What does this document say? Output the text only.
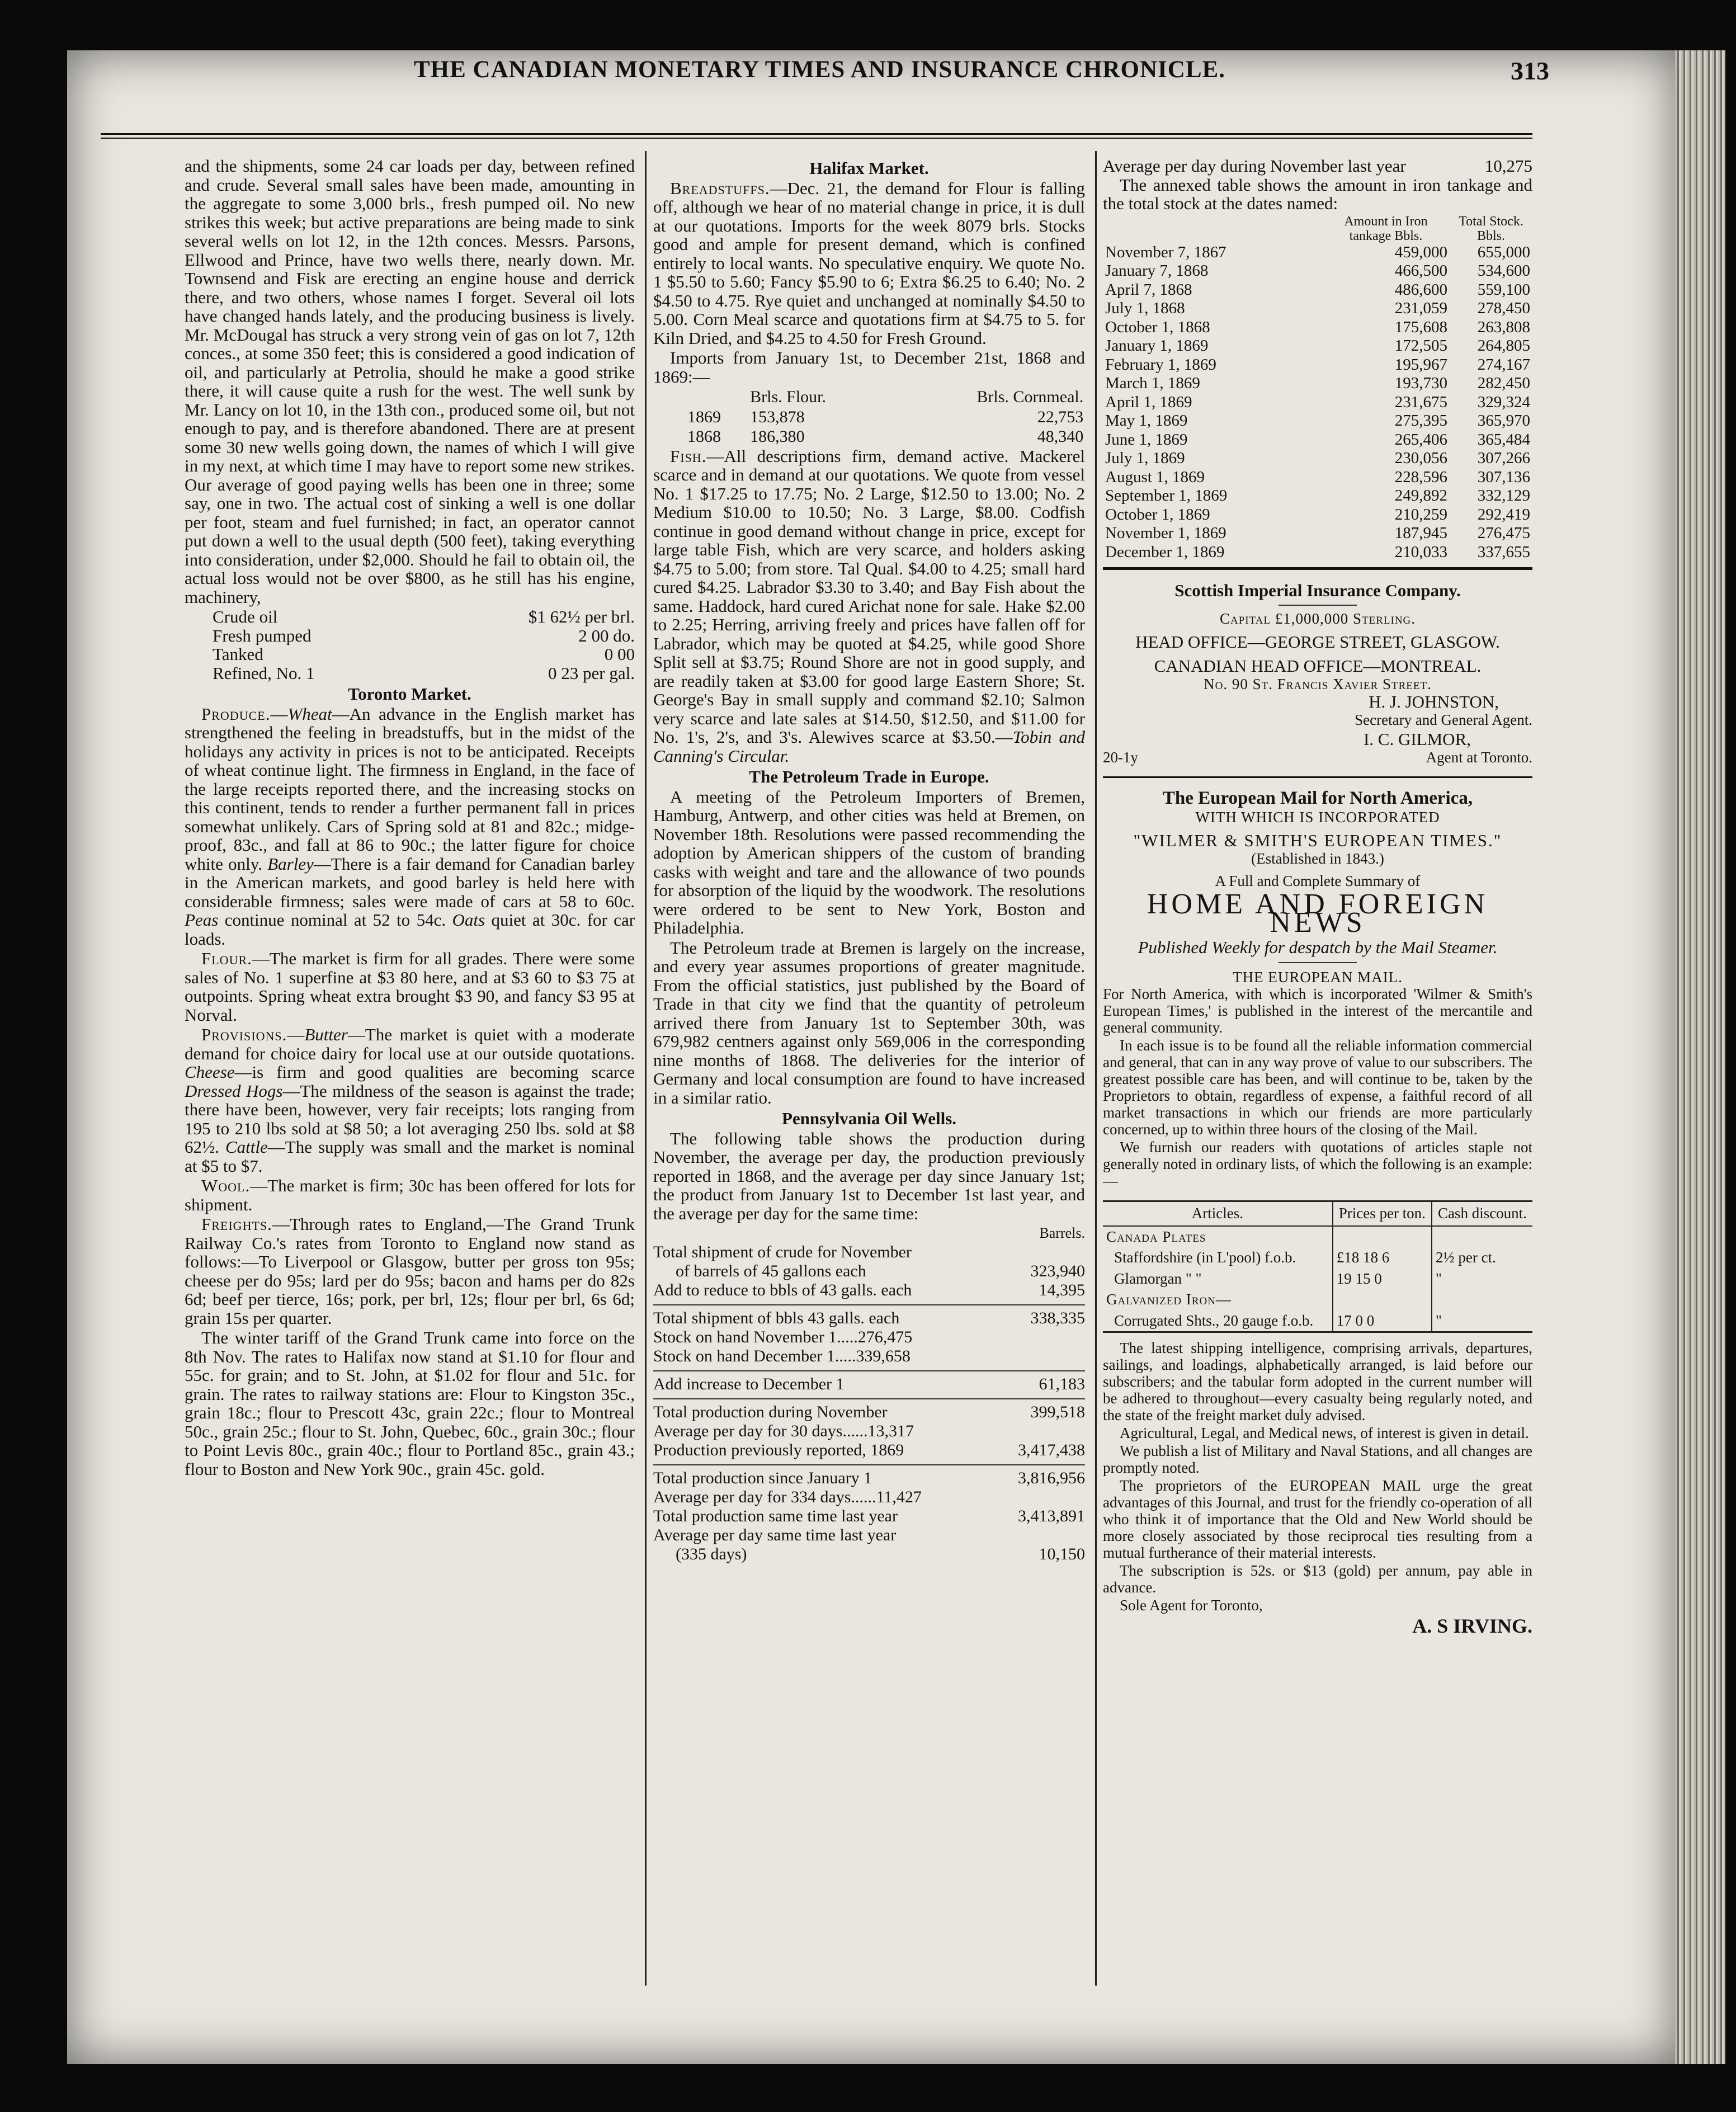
THE CANADIAN MONETARY TIMES AND INSURANCE CHRONICLE.	313

and the shipments, some 24 car loads per day, between refined and crude. Several small sales have been made, amounting in the aggregate to some 3,000 brls., fresh pumped oil. No new strikes this week; but active preparations are being made to sink several wells on lot 12, in the 12th conces. Messrs. Parsons, Ellwood and Prince, have two wells there, nearly down. Mr. Townsend and Fisk are erecting an engine house and derrick there, and two others, whose names I forget. Several oil lots have changed hands lately, and the producing business is lively. Mr. McDougal has struck a very strong vein of gas on lot 7, 12th conces., at some 350 feet; this is considered a good indication of oil, and particularly at Petrolia, should he make a good strike there, it will cause quite a rush for the west. The well sunk by Mr. Lancy on lot 10, in the 13th con., produced some oil, but not enough to pay, and is therefore abandoned. There are at present some 30 new wells going down, the names of which I will give in my next, at which time I may have to report some new strikes. Our average of good paying wells has been one in three; some say, one in two. The actual cost of sinking a well is one dollar per foot, steam and fuel furnished; in fact, an operator cannot put down a well to the usual depth (500 feet), taking everything into consideration, under $2,000. Should he fail to obtain oil, the actual loss would not be over $800, as he still has his engine, machinery,

Crude oil	$1 62½ per brl.
Fresh pumped	2 00 do.
Tanked	0 00
Refined, No. 1	0 23 per gal.
Toronto Market.

Produce.—Wheat—An advance in the English market has strengthened the feeling in breadstuffs, but in the midst of the holidays any activity in prices is not to be anticipated. Receipts of wheat continue light. The firmness in England, in the face of the large receipts reported there, and the increasing stocks on this continent, tends to render a further permanent fall in prices somewhat unlikely. Cars of Spring sold at 81 and 82c.; midge-proof, 83c., and fall at 86 to 90c.; the latter figure for choice white only. Barley—There is a fair demand for Canadian barley in the American markets, and good barley is held here with considerable firmness; sales were made of cars at 58 to 60c. Peas continue nominal at 52 to 54c. Oats quiet at 30c. for car loads.

Flour.—The market is firm for all grades. There were some sales of No. 1 superfine at $3 80 here, and at $3 60 to $3 75 at outpoints. Spring wheat extra brought $3 90, and fancy $3 95 at Norval.

Provisions.—Butter—The market is quiet with a moderate demand for choice dairy for local use at our outside quotations. Cheese—is firm and good qualities are becoming scarce Dressed Hogs—The mildness of the season is against the trade; there have been, however, very fair receipts; lots ranging from 195 to 210 lbs sold at $8 50; a lot averaging 250 lbs. sold at $8 62½. Cattle—The supply was small and the market is nominal at $5 to $7.

Wool.—The market is firm; 30c has been offered for lots for shipment.

Freights.—Through rates to England,—The Grand Trunk Railway Co.'s rates from Toronto to England now stand as follows:—To Liverpool or Glasgow, butter per gross ton 95s; cheese per do 95s; lard per do 95s; bacon and hams per do 82s 6d; beef per tierce, 16s; pork, per brl, 12s; flour per brl, 6s 6d; grain 15s per quarter.

The winter tariff of the Grand Trunk came into force on the 8th Nov. The rates to Halifax now stand at $1.10 for flour and 55c. for grain; and to St. John, at $1.02 for flour and 51c. for grain. The rates to railway stations are: Flour to Kingston 35c., grain 18c.; flour to Prescott 43c, grain 22c.; flour to Montreal 50c., grain 25c.; flour to St. John, Quebec, 60c., grain 30c.; flour to Point Levis 80c., grain 40c.; flour to Portland 85c., grain 43.; flour to Boston and New York 90c., grain 45c. gold.

Halifax Market.

Breadstuffs.—Dec. 21, the demand for Flour is falling off, although we hear of no material change in price, it is dull at our quotations. Imports for the week 8079 brls. Stocks good and ample for present demand, which is confined entirely to local wants. No speculative enquiry. We quote No. 1 $5.50 to 5.60; Fancy $5.90 to 6; Extra $6.25 to 6.40; No. 2 $4.50 to 4.75. Rye quiet and unchanged at nominally $4.50 to 5.00. Corn Meal scarce and quotations firm at $4.75 to 5. for Kiln Dried, and $4.25 to 4.50 for Fresh Ground.

Imports from January 1st, to December 21st, 1868 and 1869:—

	Brls. Flour.	Brls. Cornmeal.
1869	153,878	22,753
1868	186,380	48,340

Fish.—All descriptions firm, demand active. Mackerel scarce and in demand at our quotations. We quote from vessel No. 1 $17.25 to 17.75; No. 2 Large, $12.50 to 13.00; No. 2 Medium $10.00 to 10.50; No. 3 Large, $8.00. Codfish continue in good demand without change in price, except for large table Fish, which are very scarce, and holders asking $4.75 to 5.00; from store. Tal Qual. $4.00 to 4.25; small hard cured $4.25. Labrador $3.30 to 3.40; and Bay Fish about the same. Haddock, hard cured Arichat none for sale. Hake $2.00 to 2.25; Herring, arriving freely and prices have fallen off for Labrador, which may be quoted at $4.25, while good Shore Split sell at $3.75; Round Shore are not in good supply, and are readily taken at $3.00 for good large Eastern Shore; St. George's Bay in small supply and command $2.10; Salmon very scarce and late sales at $14.50, $12.50, and $11.00 for No. 1's, 2's, and 3's. Alewives scarce at $3.50.—Tobin and Canning's Circular.

The Petroleum Trade in Europe.

A meeting of the Petroleum Importers of Bremen, Hamburg, Antwerp, and other cities was held at Bremen, on November 18th. Resolutions were passed recommending the adoption by American shippers of the custom of branding casks with weight and tare and the allowance of two pounds for absorption of the liquid by the woodwork. The resolutions were ordered to be sent to New York, Boston and Philadelphia.

The Petroleum trade at Bremen is largely on the increase, and every year assumes proportions of greater magnitude. From the official statistics, just published by the Board of Trade in that city we find that the quantity of petroleum arrived there from January 1st to September 30th, was 679,982 centners against only 569,006 in the corresponding nine months of 1868. The deliveries for the interior of Germany and local consumption are found to have increased in a similar ratio.

Pennsylvania Oil Wells.

The following table shows the production during November, the average per day, the production previously reported in 1868, and the average per day since January 1st; the product from January 1st to December 1st last year, and the average per day for the same time:

Barrels.
Total shipment of crude for November
of barrels of 45 gallons each	323,940
Add to reduce to bbls of 43 galls. each	14,395
Total shipment of bbls 43 galls. each	338,335
Stock on hand November 1.....276,475
Stock on hand December 1.....339,658
Add increase to December 1	61,183
Total production during November	399,518
Average per day for 30 days......13,317
Production previously reported, 1869	3,417,438
Total production since January 1	3,816,956
Average per day for 334 days......11,427
Total production same time last year	3,413,891
Average per day same time last year
(335 days)	10,150
Average per day during November last year	10,275

The annexed table shows the amount in iron tankage and the total stock at the dates named:

	Amount in Iron tankage Bbls.	Total Stock. Bbls.
November 7, 1867	459,000	655,000
January 7, 1868	466,500	534,600
April 7, 1868	486,600	559,100
July 1, 1868	231,059	278,450
October 1, 1868	175,608	263,808
January 1, 1869	172,505	264,805
February 1, 1869	195,967	274,167
March 1, 1869	193,730	282,450
April 1, 1869	231,675	329,324
May 1, 1869	275,395	365,970
June 1, 1869	265,406	365,484
July 1, 1869	230,056	307,266
August 1, 1869	228,596	307,136
September 1, 1869	249,892	332,129
October 1, 1869	210,259	292,419
November 1, 1869	187,945	276,475
December 1, 1869	210,033	337,655
Scottish Imperial Insurance Company.
Capital £1,000,000 Sterling.
HEAD OFFICE—GEORGE STREET, GLASGOW.
CANADIAN HEAD OFFICE—MONTREAL.
No. 90 St. Francis Xavier Street.
H. J. JOHNSTON,
Secretary and General Agent.
I. C. GILMOR,
20-1y	Agent at Toronto.
The European Mail for North America,
WITH WHICH IS INCORPORATED
"WILMER & SMITH'S EUROPEAN TIMES."
(Established in 1843.)
A Full and Complete Summary of
HOME AND FOREIGN NEWS
Published Weekly for despatch by the Mail Steamer.
THE EUROPEAN MAIL.

For North America, with which is incorporated 'Wilmer & Smith's European Times,' is published in the interest of the mercantile and general community.

In each issue is to be found all the reliable information commercial and general, that can in any way prove of value to our subscribers. The greatest possible care has been, and will continue to be, taken by the Proprietors to obtain, regardless of expense, a faithful record of all market transactions in which our friends are more particularly concerned, up to within three hours of the closing of the Mail.

We furnish our readers with quotations of articles staple not generally noted in ordinary lists, of which the following is an example:—

Articles.	Prices per ton.	Cash discount.
Canada Plates		
Staffordshire (in L'pool) f.o.b.	£18 18 6	2½ per ct.
Glamorgan " "	19 15 0	"
Galvanized Iron—		
Corrugated Shts., 20 gauge f.o.b.	17 0 0	"

The latest shipping intelligence, comprising arrivals, departures, sailings, and loadings, alphabetically arranged, is laid before our subscribers; and the tabular form adopted in the current number will be adhered to throughout—every casualty being regularly noted, and the state of the freight market duly advised.

Agricultural, Legal, and Medical news, of interest is given in detail.

We publish a list of Military and Naval Stations, and all changes are promptly noted.

The proprietors of the EUROPEAN MAIL urge the great advantages of this Journal, and trust for the friendly co-operation of all who think it of importance that the Old and New World should be more closely associated by those reciprocal ties resulting from a mutual furtherance of their material interests.

The subscription is 52s. or $13 (gold) per annum, pay able in advance.

Sole Agent for Toronto,

A. S IRVING.
